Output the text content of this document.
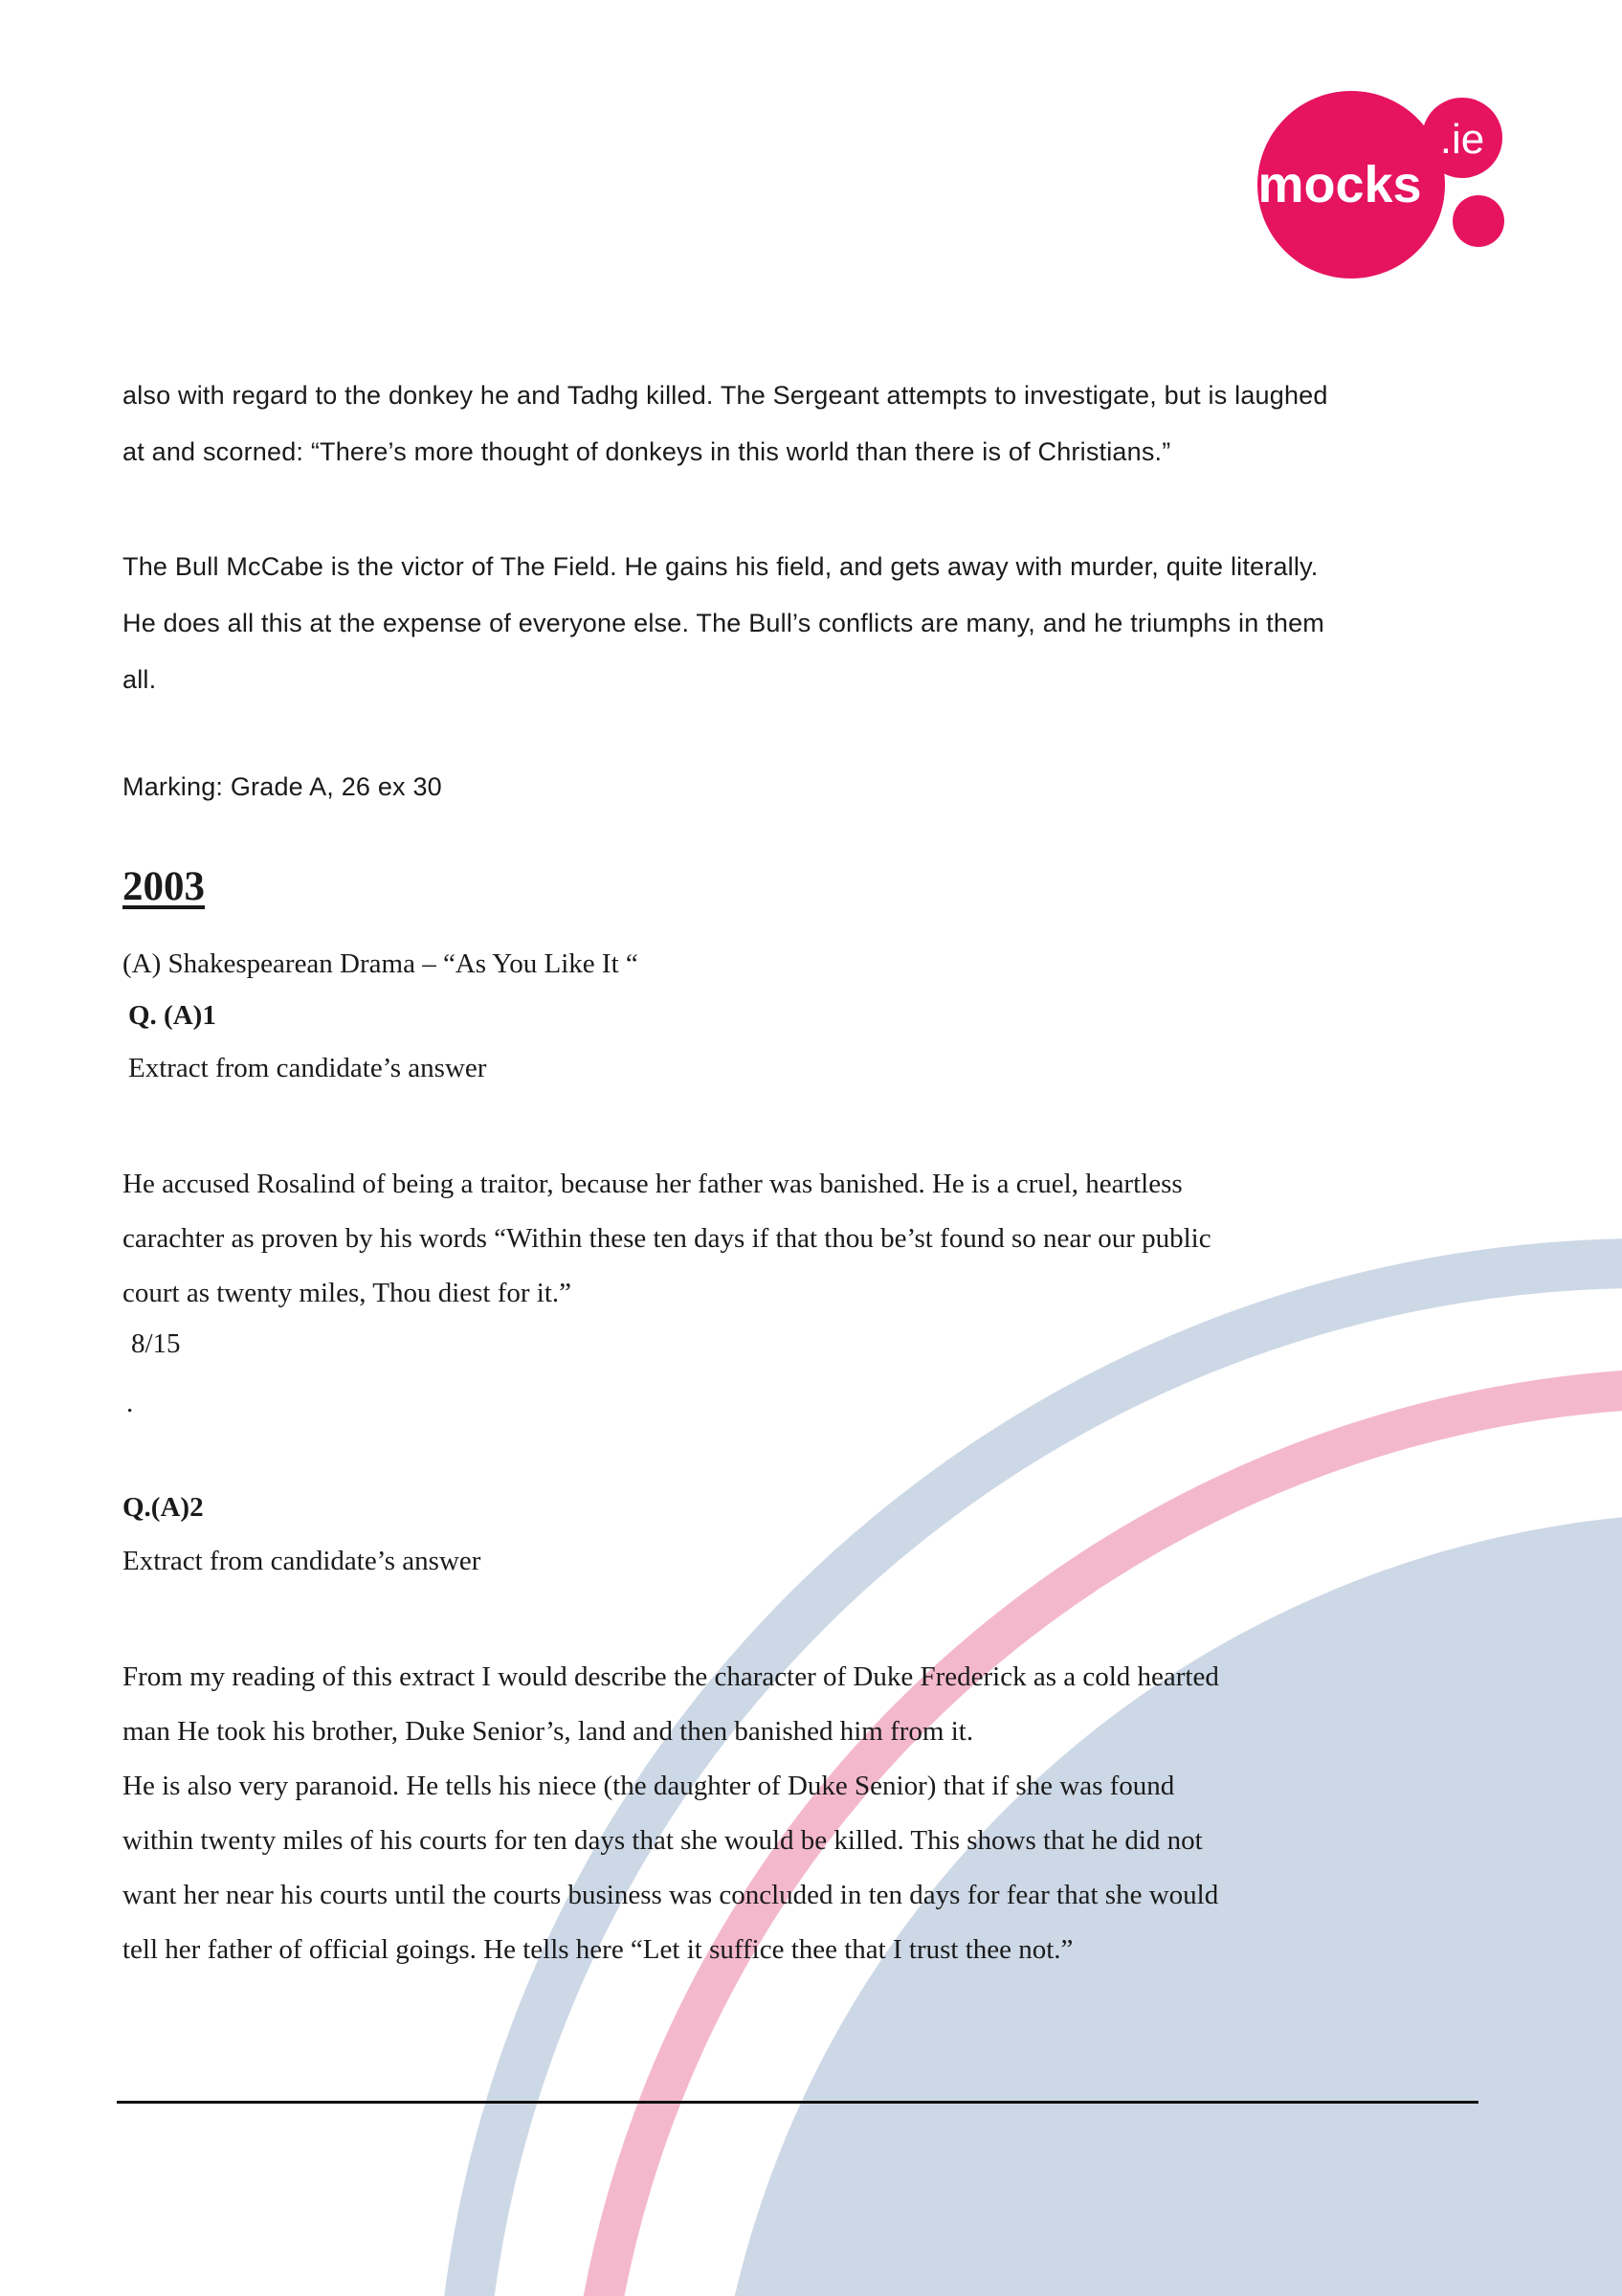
mocks
.ie
also with regard to the donkey he and Tadhg killed. The Sergeant attempts to investigate, but is laughed
at and scorned: “There’s more thought of donkeys in this world than there is of Christians.”
The Bull McCabe is the victor of The Field. He gains his field, and gets away with murder, quite literally.
He does all this at the expense of everyone else. The Bull’s conflicts are many, and he triumphs in them
all.
Marking: Grade A, 26 ex 30
2003
(A) Shakespearean Drama – “As You Like It “
Q. (A)1
Extract from candidate’s answer
He accused Rosalind of being a traitor, because her father was banished. He is a cruel, heartless
carachter as proven by his words “Within these ten days if that thou be’st found so near our public
court as twenty miles, Thou diest for it.”
8/15
.
Q.(A)2
Extract from candidate’s answer
From my reading of this extract I would describe the character of Duke Frederick as a cold hearted
man He took his brother, Duke Senior’s, land and then banished him from it.
He is also very paranoid. He tells his niece (the daughter of Duke Senior) that if she was found
within twenty miles of his courts for ten days that she would be killed. This shows that he did not
want her near his courts until the courts business was concluded in ten days for fear that she would
tell her father of official goings. He tells here “Let it suffice thee that I trust thee not.”
